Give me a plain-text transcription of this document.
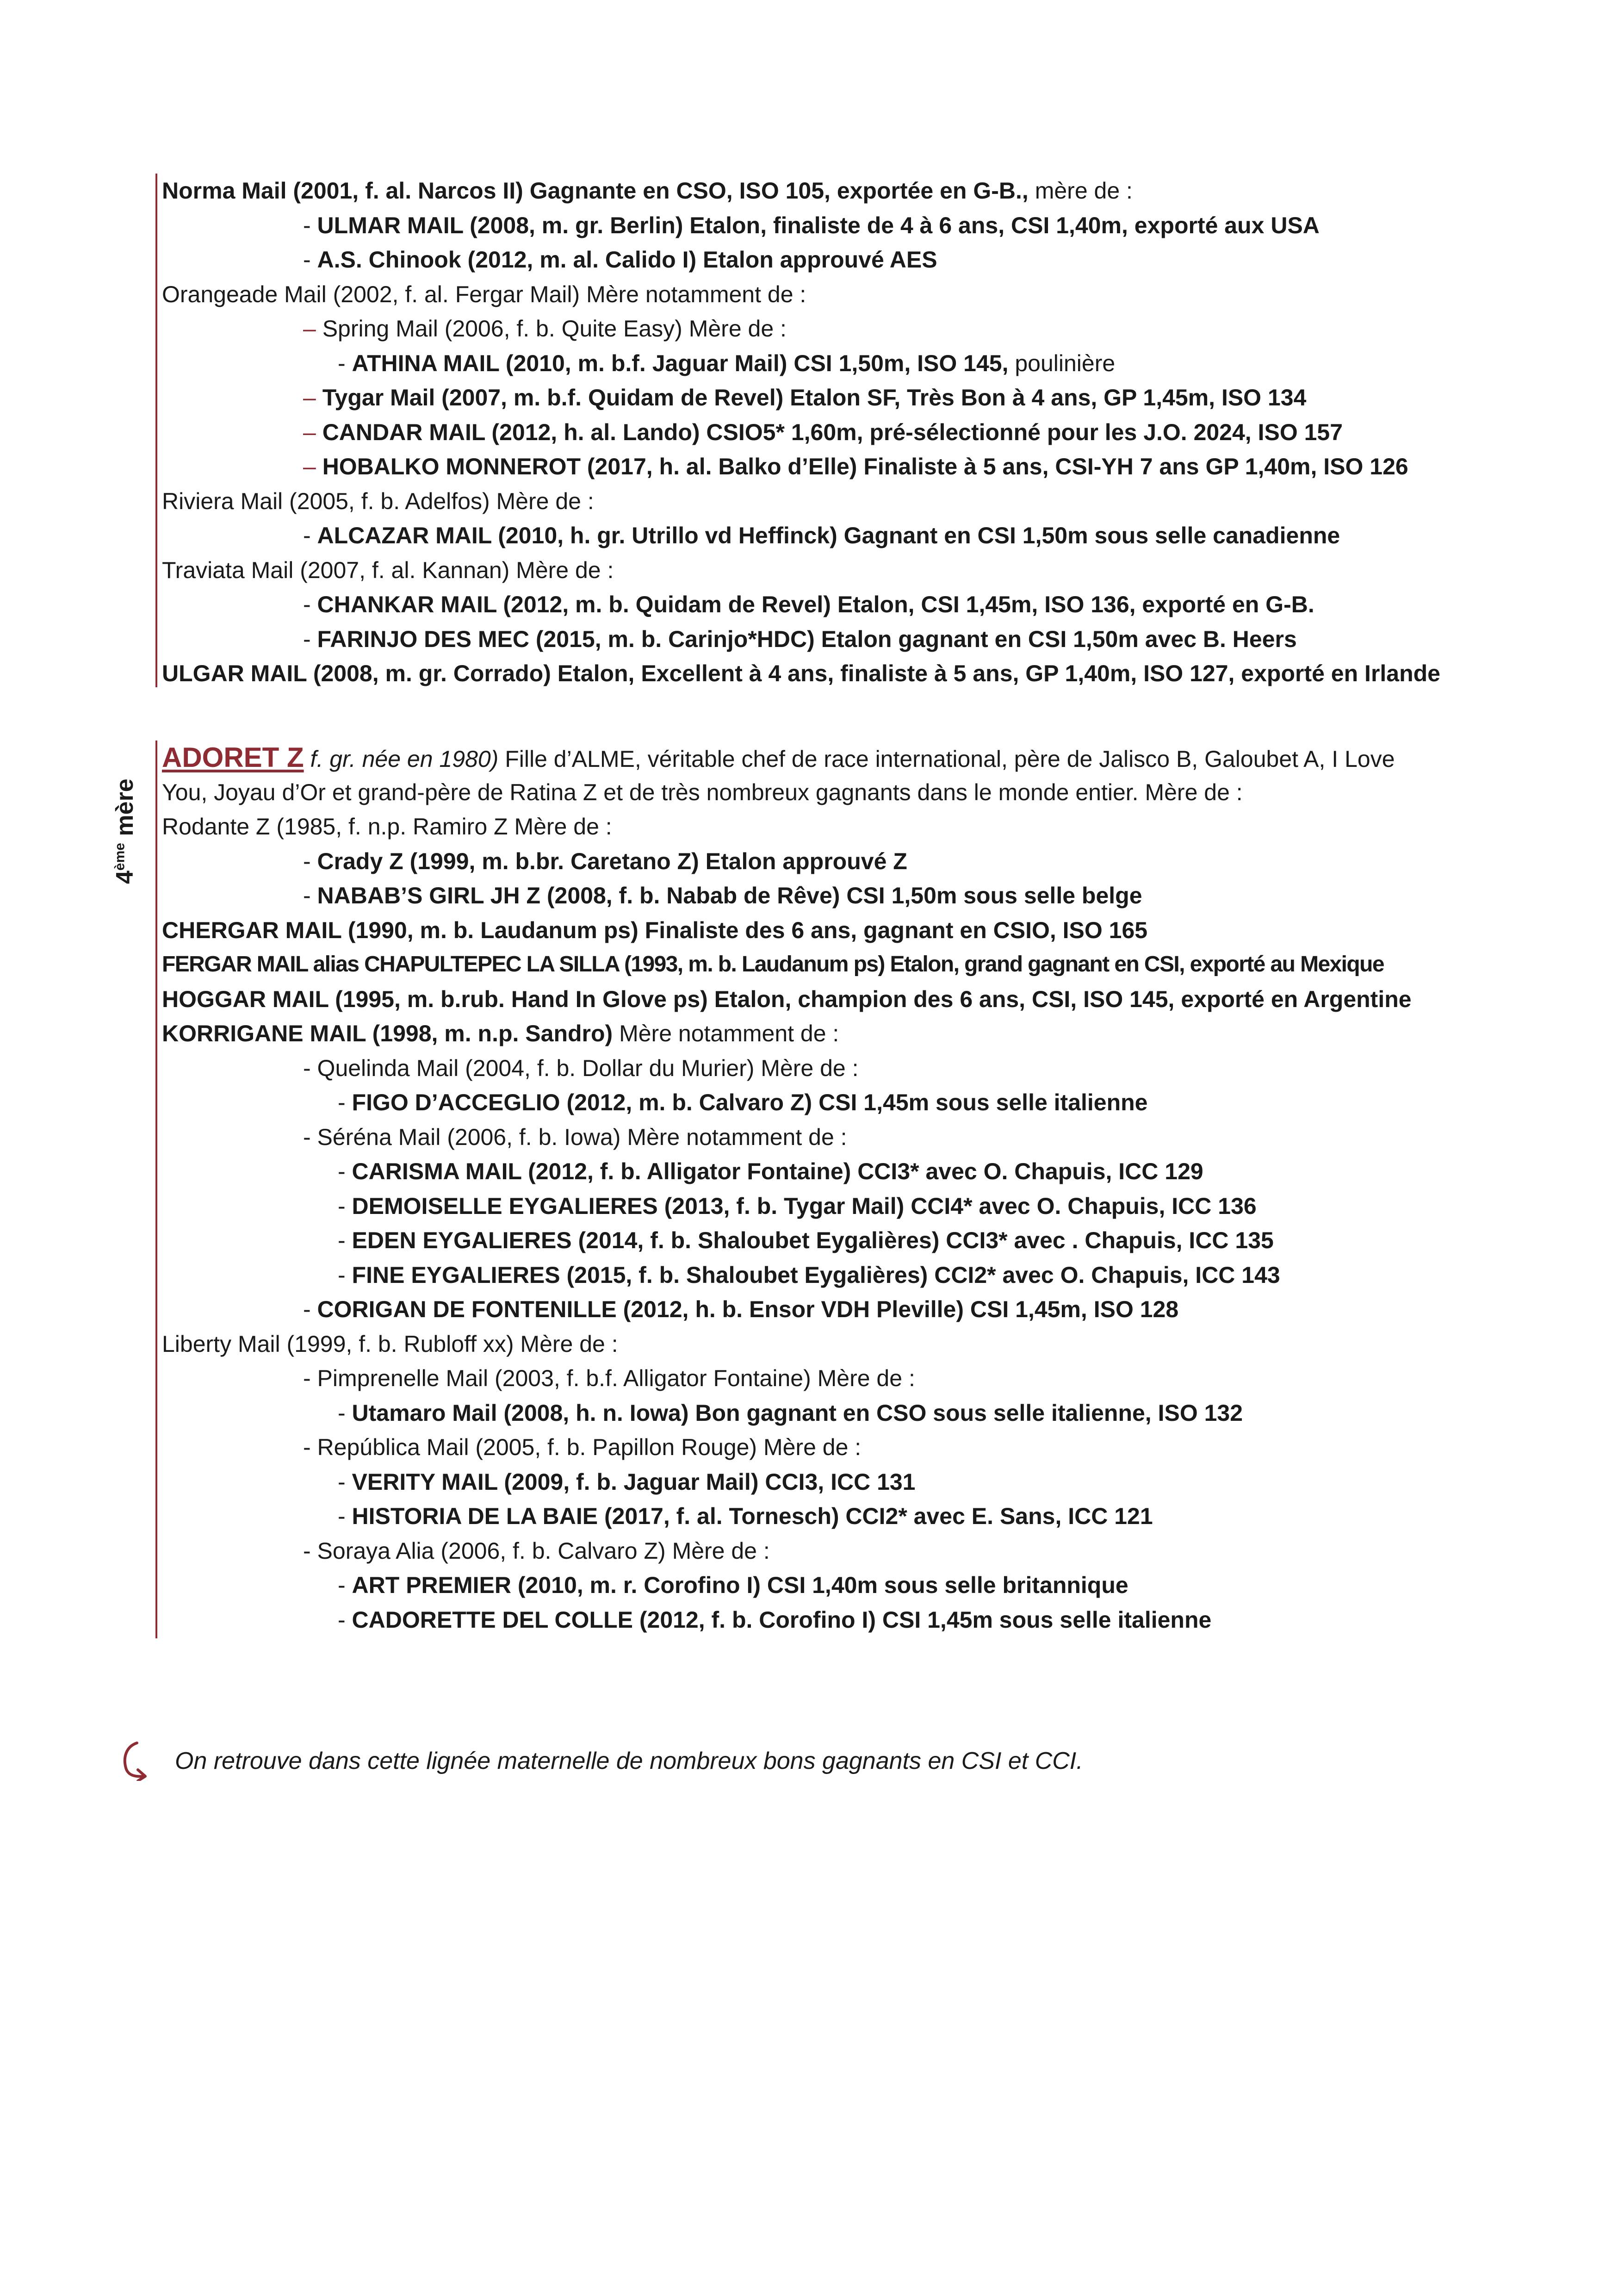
Norma Mail (2001, f. al. Narcos II) Gagnante en CSO, ISO 105, exportée en G-B., mère de :
- ULMAR MAIL (2008, m. gr. Berlin) Etalon, finaliste de 4 à 6 ans, CSI 1,40m, exporté aux USA
- A.S. Chinook (2012, m. al. Calido I) Etalon approuvé AES
Orangeade Mail (2002, f. al. Fergar Mail) Mère notamment de :
– Spring Mail (2006, f. b. Quite Easy) Mère de :
- ATHINA MAIL (2010, m. b.f. Jaguar Mail) CSI 1,50m, ISO 145, poulinière
– Tygar Mail (2007, m. b.f. Quidam de Revel) Etalon SF, Très Bon à 4 ans, GP 1,45m, ISO 134
– CANDAR MAIL (2012, h. al. Lando) CSIO5* 1,60m, pré-sélectionné pour les J.O. 2024, ISO 157
– HOBALKO MONNEROT (2017, h. al. Balko d’Elle) Finaliste à 5 ans, CSI-YH 7 ans GP 1,40m, ISO 126
Riviera Mail (2005, f. b. Adelfos) Mère de :
- ALCAZAR MAIL (2010, h. gr. Utrillo vd Heffinck) Gagnant en CSI 1,50m sous selle canadienne
Traviata Mail (2007, f. al. Kannan) Mère de :
- CHANKAR MAIL (2012, m. b. Quidam de Revel) Etalon, CSI 1,45m, ISO 136, exporté en G-B.
- FARINJO DES MEC (2015, m. b. Carinjo*HDC) Etalon gagnant en CSI 1,50m avec B. Heers
ULGAR MAIL (2008, m. gr. Corrado) Etalon, Excellent à 4 ans, finaliste à 5 ans, GP 1,40m, ISO 127, exporté en Irlande
4ème mère
ADORET Z f. gr. née en 1980) Fille d’ALME, véritable chef de race international, père de Jalisco B, Galoubet A, I Love
You, Joyau d’Or et grand-père de Ratina Z et de très nombreux gagnants dans le monde entier. Mère de :
Rodante Z (1985, f. n.p. Ramiro Z Mère de :
- Crady Z (1999, m. b.br. Caretano Z) Etalon approuvé Z
- NABAB’S GIRL JH Z (2008, f. b. Nabab de Rêve) CSI 1,50m sous selle belge
CHERGAR MAIL (1990, m. b. Laudanum ps) Finaliste des 6 ans, gagnant en CSIO, ISO 165
FERGAR MAIL alias CHAPULTEPEC LA SILLA (1993, m. b. Laudanum ps) Etalon, grand gagnant en CSI, exporté au Mexique
HOGGAR MAIL (1995, m. b.rub. Hand In Glove ps) Etalon, champion des 6 ans, CSI, ISO 145, exporté en Argentine
KORRIGANE MAIL (1998, m. n.p. Sandro) Mère notamment de :
- Quelinda Mail (2004, f. b. Dollar du Murier) Mère de :
- FIGO D’ACCEGLIO (2012, m. b. Calvaro Z) CSI 1,45m sous selle italienne
- Séréna Mail (2006, f. b. Iowa) Mère notamment de :
- CARISMA MAIL (2012, f. b. Alligator Fontaine) CCI3* avec O. Chapuis, ICC 129
- DEMOISELLE EYGALIERES (2013, f. b. Tygar Mail) CCI4* avec O. Chapuis, ICC 136
- EDEN EYGALIERES (2014, f. b. Shaloubet Eygalières) CCI3* avec . Chapuis, ICC 135
- FINE EYGALIERES (2015, f. b. Shaloubet Eygalières) CCI2* avec O. Chapuis, ICC 143
- CORIGAN DE FONTENILLE (2012, h. b. Ensor VDH Pleville) CSI 1,45m, ISO 128
Liberty Mail (1999, f. b. Rubloff xx) Mère de :
- Pimprenelle Mail (2003, f. b.f. Alligator Fontaine) Mère de :
- Utamaro Mail (2008, h. n. Iowa) Bon gagnant en CSO sous selle italienne, ISO 132
- República Mail (2005, f. b. Papillon Rouge) Mère de :
- VERITY MAIL (2009, f. b. Jaguar Mail) CCI3, ICC 131
- HISTORIA DE LA BAIE (2017, f. al. Tornesch) CCI2* avec E. Sans, ICC 121
- Soraya Alia (2006, f. b. Calvaro Z) Mère de :
- ART PREMIER (2010, m. r. Corofino I) CSI 1,40m sous selle britannique
- CADORETTE DEL COLLE (2012, f. b. Corofino I) CSI 1,45m sous selle italienne
On retrouve dans cette lignée maternelle de nombreux bons gagnants en CSI et CCI.
